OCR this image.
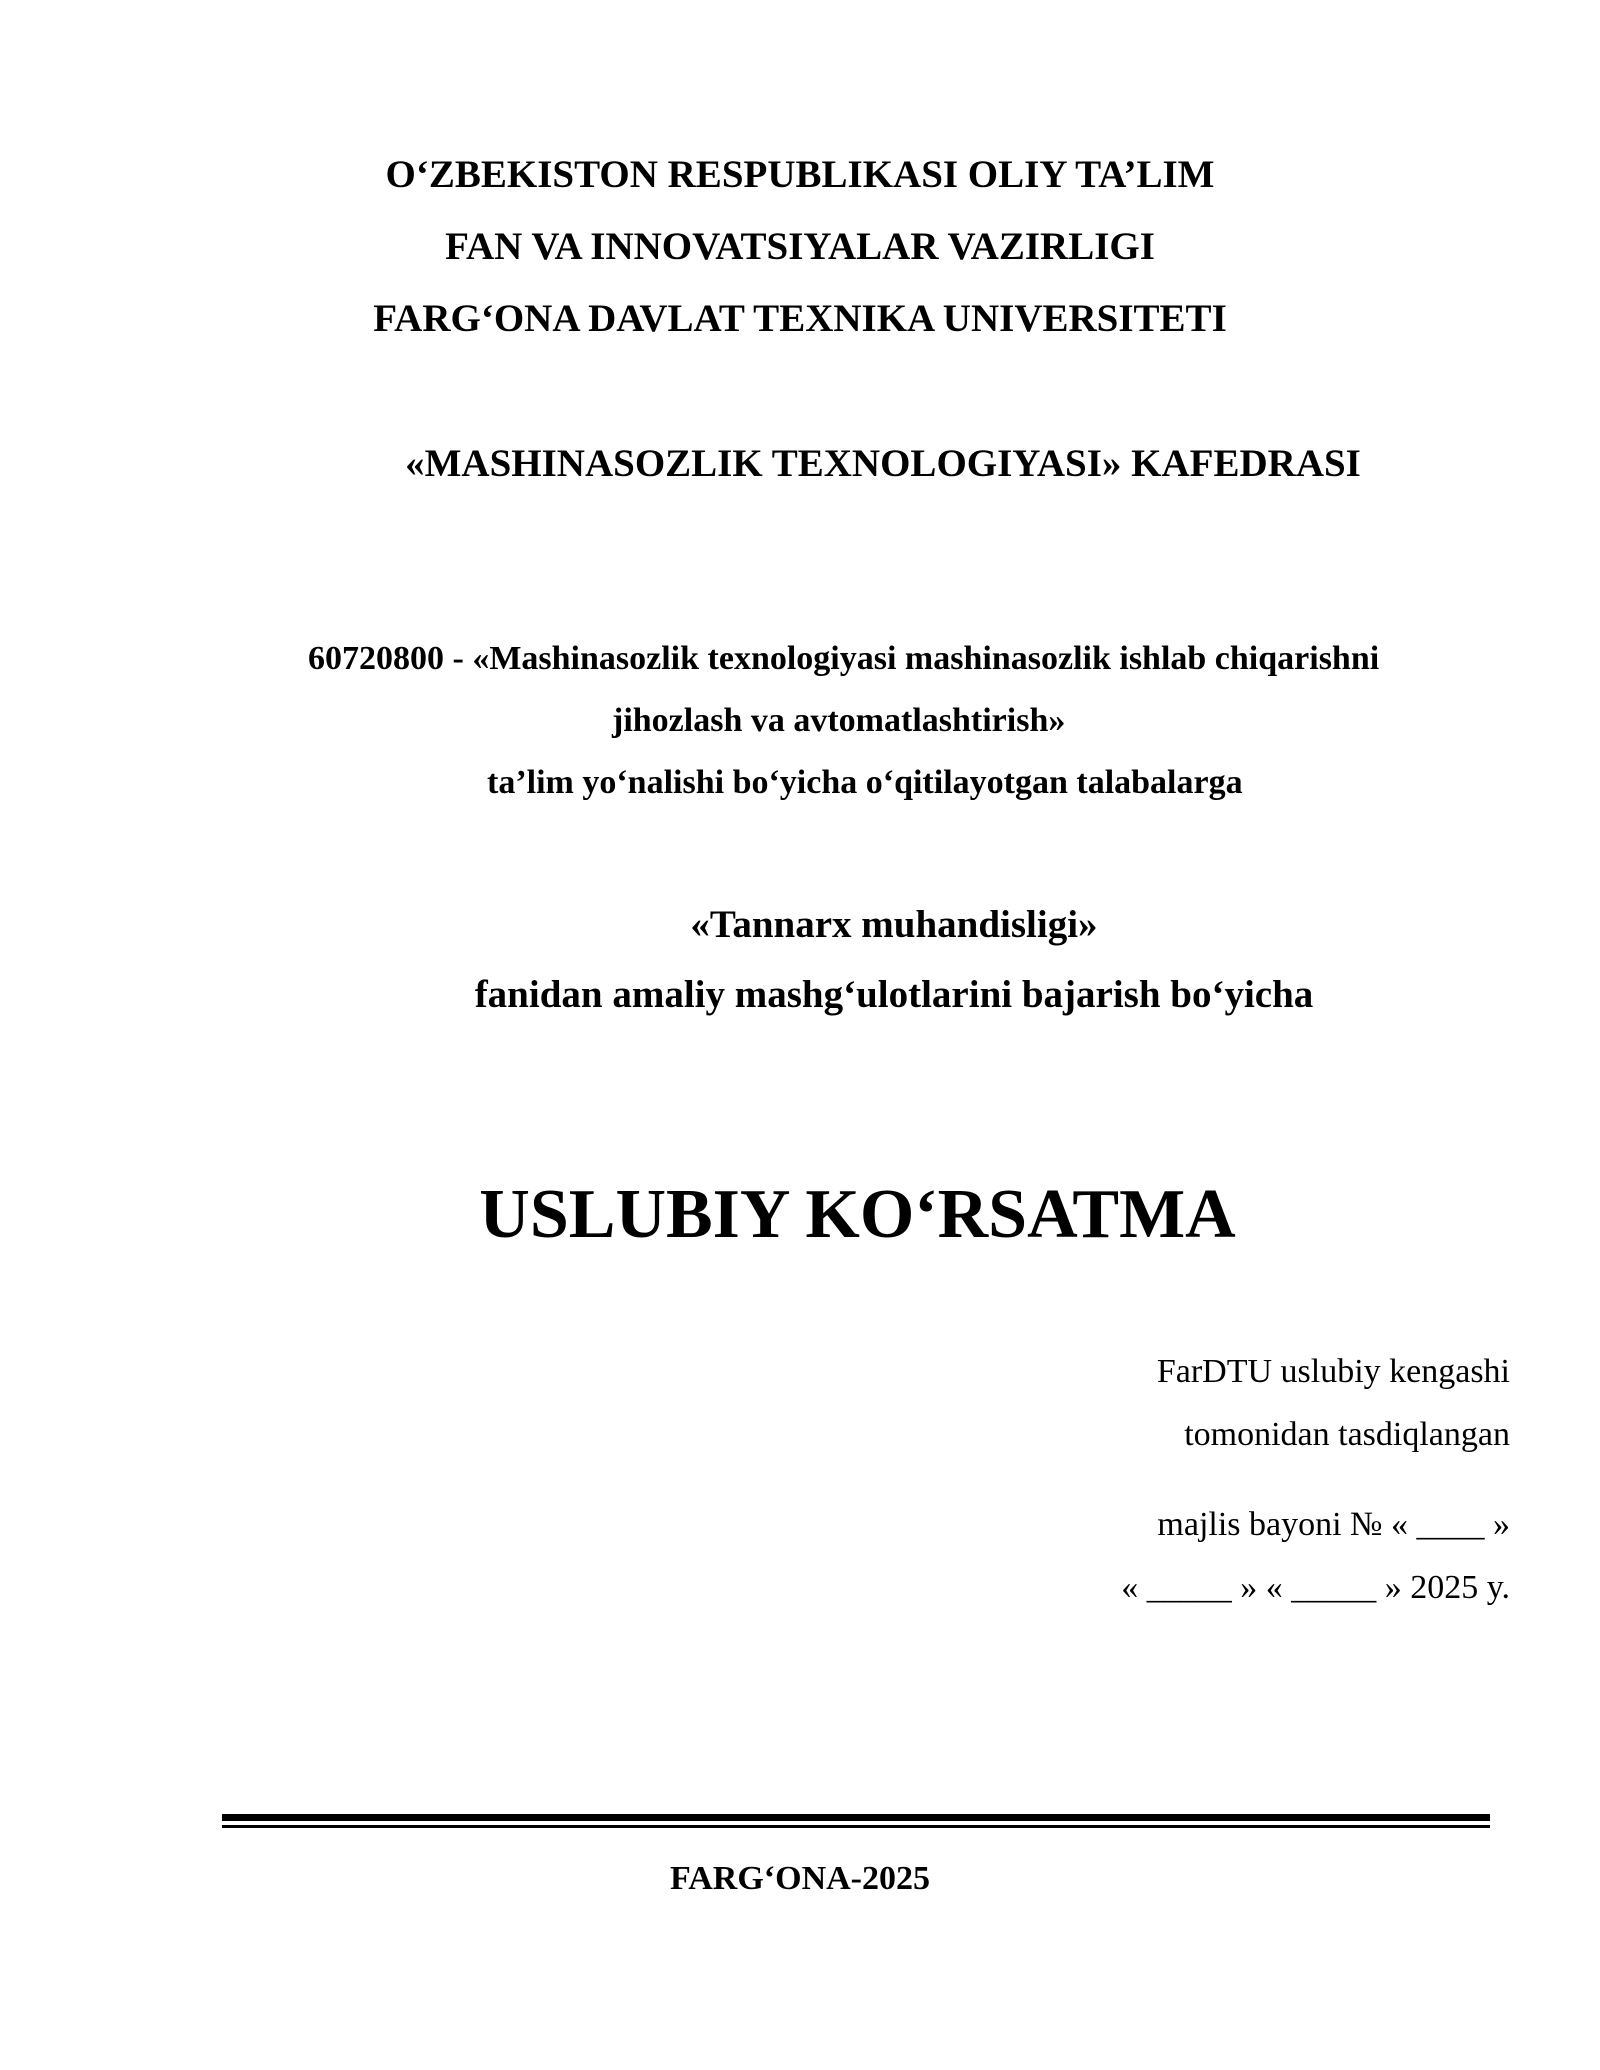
O‘ZBEKISTON RESPUBLIKASI OLIY TA’LIM
FAN VA INNOVATSIYALAR VAZIRLIGI
FARG‘ONA DAVLAT TEXNIKA UNIVERSITETI
«MASHINASOZLIK TEXNOLOGIYASI» KAFEDRASI
60720800 - «Mashinasozlik texnologiyasi mashinasozlik ishlab chiqarishni
jihozlash va avtomatlashtirish»
ta’lim yo‘nalishi bo‘yicha o‘qitilayotgan talabalarga
«Tannarx muhandisligi»
fanidan amaliy mashg‘ulotlarini bajarish bo‘yicha
USLUBIY KO‘RSATMA
FarDTU uslubiy kengashi
tomonidan tasdiqlangan
majlis bayoni № « ____ »
« _____ » « _____ » 2025 y.
FARG‘ONA-2025
